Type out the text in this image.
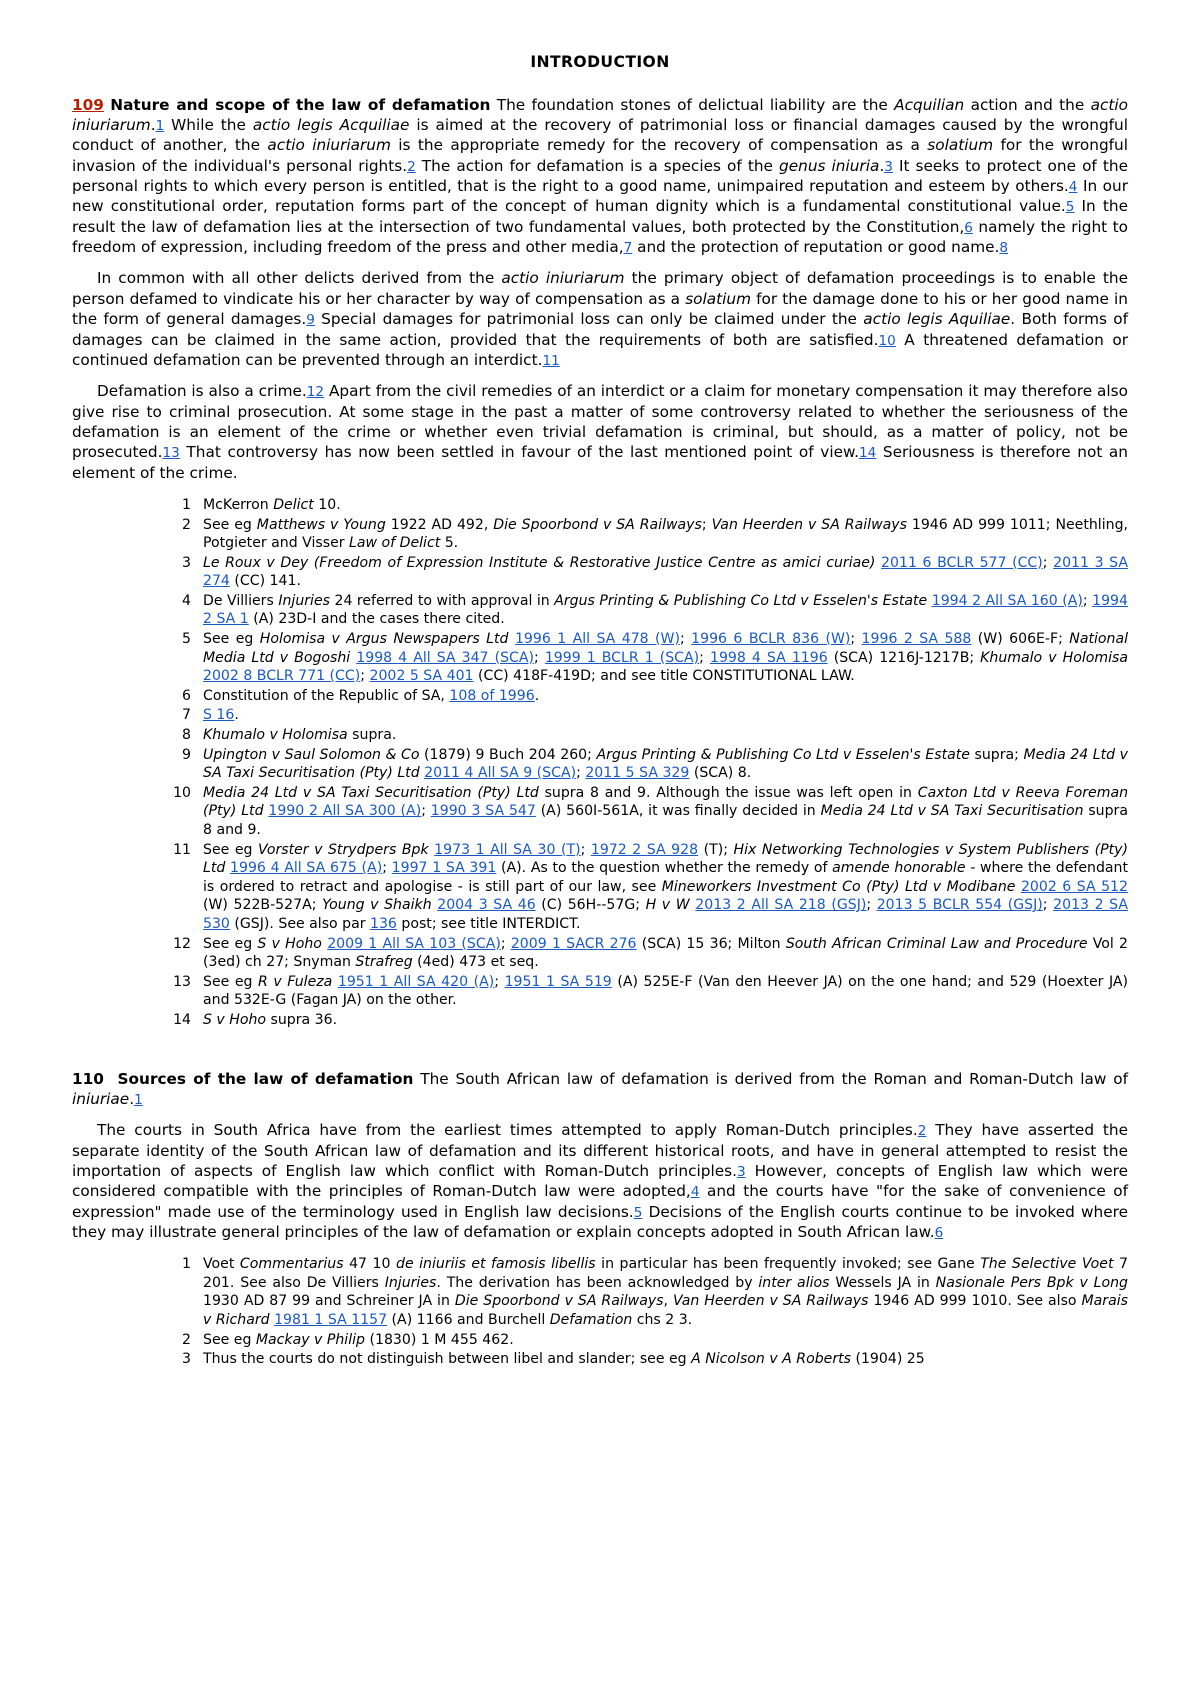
INTRODUCTION

109 Nature and scope of the law of defamation The foundation stones of delictual liability are the Acquilian action and the actio iniuriarum.1 While the actio legis Acquiliae is aimed at the recovery of patrimonial loss or financial damages caused by the wrongful conduct of another, the actio iniuriarum is the appropriate remedy for the recovery of compensation as a solatium for the wrongful invasion of the individual's personal rights.2 The action for defamation is a species of the genus iniuria.3 It seeks to protect one of the personal rights to which every person is entitled, that is the right to a good name, unimpaired reputation and esteem by others.4 In our new constitutional order, reputation forms part of the concept of human dignity which is a fundamental constitutional value.5 In the result the law of defamation lies at the intersection of two fundamental values, both protected by the Constitution,6 namely the right to freedom of expression, including freedom of the press and other media,7 and the protection of reputation or good name.8

In common with all other delicts derived from the actio iniuriarum the primary object of defamation proceedings is to enable the person defamed to vindicate his or her character by way of compensation as a solatium for the damage done to his or her good name in the form of general damages.9 Special damages for patrimonial loss can only be claimed under the actio legis Aquiliae. Both forms of damages can be claimed in the same action, provided that the requirements of both are satisfied.10 A threatened defamation or continued defamation can be prevented through an interdict.11

Defamation is also a crime.12 Apart from the civil remedies of an interdict or a claim for monetary compensation it may therefore also give rise to criminal prosecution. At some stage in the past a matter of some controversy related to whether the seriousness of the defamation is an element of the crime or whether even trivial defamation is criminal, but should, as a matter of policy, not be prosecuted.13 That controversy has now been settled in favour of the last mentioned point of view.14 Seriousness is therefore not an element of the crime.

1 McKerron Delict 10.
2 See eg Matthews v Young 1922 AD 492, Die Spoorbond v SA Railways; Van Heerden v SA Railways 1946 AD 999 1011; Neethling, Potgieter and Visser Law of Delict 5.
3 Le Roux v Dey (Freedom of Expression Institute & Restorative Justice Centre as amici curiae) 2011 6 BCLR 577 (CC); 2011 3 SA 274 (CC) 141.
4 De Villiers Injuries 24 referred to with approval in Argus Printing & Publishing Co Ltd v Esselen's Estate 1994 2 All SA 160 (A); 1994 2 SA 1 (A) 23D-I and the cases there cited.
5 See eg Holomisa v Argus Newspapers Ltd 1996 1 All SA 478 (W); 1996 6 BCLR 836 (W); 1996 2 SA 588 (W) 606E-F; National Media Ltd v Bogoshi 1998 4 All SA 347 (SCA); 1999 1 BCLR 1 (SCA); 1998 4 SA 1196 (SCA) 1216J-1217B; Khumalo v Holomisa 2002 8 BCLR 771 (CC); 2002 5 SA 401 (CC) 418F-419D; and see title CONSTITUTIONAL LAW.
6 Constitution of the Republic of SA, 108 of 1996.
7 S 16.
8 Khumalo v Holomisa supra.
9 Upington v Saul Solomon & Co (1879) 9 Buch 204 260; Argus Printing & Publishing Co Ltd v Esselen's Estate supra; Media 24 Ltd v SA Taxi Securitisation (Pty) Ltd 2011 4 All SA 9 (SCA); 2011 5 SA 329 (SCA) 8.
10 Media 24 Ltd v SA Taxi Securitisation (Pty) Ltd supra 8 and 9. Although the issue was left open in Caxton Ltd v Reeva Foreman (Pty) Ltd 1990 2 All SA 300 (A); 1990 3 SA 547 (A) 560I-561A, it was finally decided in Media 24 Ltd v SA Taxi Securitisation supra 8 and 9.
11 See eg Vorster v Strydpers Bpk 1973 1 All SA 30 (T); 1972 2 SA 928 (T); Hix Networking Technologies v System Publishers (Pty) Ltd 1996 4 All SA 675 (A); 1997 1 SA 391 (A). As to the question whether the remedy of amende honorable - where the defendant is ordered to retract and apologise - is still part of our law, see Mineworkers Investment Co (Pty) Ltd v Modibane 2002 6 SA 512 (W) 522B-527A; Young v Shaikh 2004 3 SA 46 (C) 56H--57G; H v W 2013 2 All SA 218 (GSJ); 2013 5 BCLR 554 (GSJ); 2013 2 SA 530 (GSJ). See also par 136 post; see title INTERDICT.
12 See eg S v Hoho 2009 1 All SA 103 (SCA); 2009 1 SACR 276 (SCA) 15 36; Milton South African Criminal Law and Procedure Vol 2 (3ed) ch 27; Snyman Strafreg (4ed) 473 et seq.
13 See eg R v Fuleza 1951 1 All SA 420 (A); 1951 1 SA 519 (A) 525E-F (Van den Heever JA) on the one hand; and 529 (Hoexter JA) and 532E-G (Fagan JA) on the other.
14 S v Hoho supra 36.
110 Sources of the law of defamation The South African law of defamation is derived from the Roman and Roman-Dutch law of iniuriae.1

The courts in South Africa have from the earliest times attempted to apply Roman-Dutch principles.2 They have asserted the separate identity of the South African law of defamation and its different historical roots, and have in general attempted to resist the importation of aspects of English law which conflict with Roman-Dutch principles.3 However, concepts of English law which were considered compatible with the principles of Roman-Dutch law were adopted,4 and the courts have "for the sake of convenience of expression" made use of the terminology used in English law decisions.5 Decisions of the English courts continue to be invoked where they may illustrate general principles of the law of defamation or explain concepts adopted in South African law.6

1 Voet Commentarius 47 10 de iniuriis et famosis libellis in particular has been frequently invoked; see Gane The Selective Voet 7 201. See also De Villiers Injuries. The derivation has been acknowledged by inter alios Wessels JA in Nasionale Pers Bpk v Long 1930 AD 87 99 and Schreiner JA in Die Spoorbond v SA Railways, Van Heerden v SA Railways 1946 AD 999 1010. See also Marais v Richard 1981 1 SA 1157 (A) 1166 and Burchell Defamation chs 2 3.
2 See eg Mackay v Philip (1830) 1 M 455 462.
3 Thus the courts do not distinguish between libel and slander; see eg A Nicolson v A Roberts (1904) 25
